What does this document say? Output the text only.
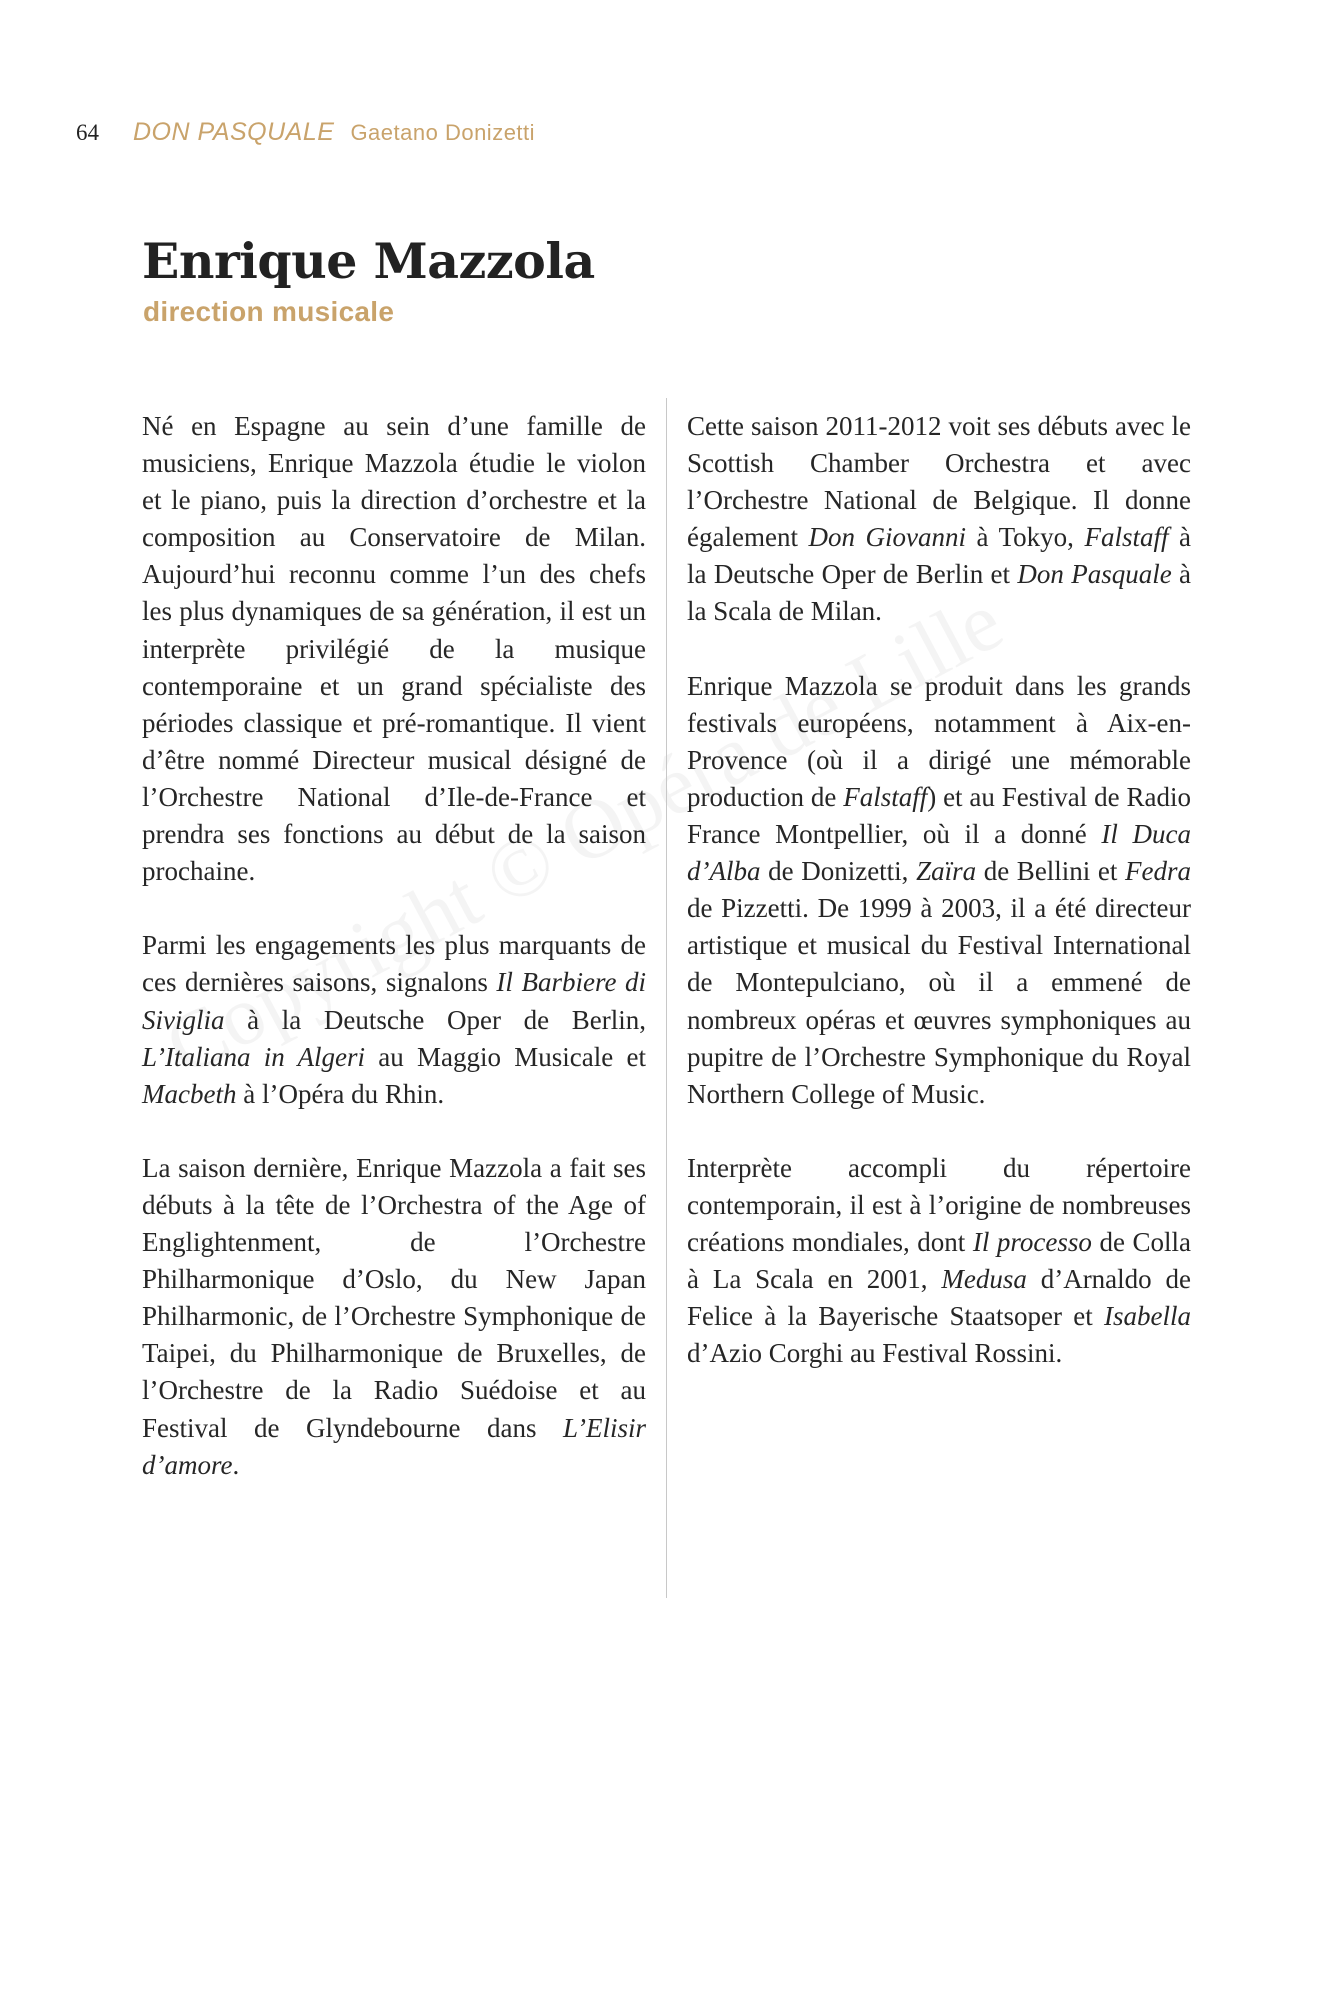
64 DON PASQUALE Gaetano Donizetti
Enrique Mazzola
direction musicale

Né en Espagne au sein d’une famille de musiciens, Enrique Mazzola étudie le violon et le piano, puis la direction d’orchestre et la composition au Conservatoire de Milan. Aujourd’hui reconnu comme l’un des chefs les plus dynamiques de sa génération, il est un interprète privilégié de la musique contemporaine et un grand spécialiste des périodes classique et pré-romantique. Il vient d’être nommé Directeur musical désigné de l’Orchestre National d’Ile-de-France et prendra ses fonctions au début de la saison prochaine.

Parmi les engagements les plus marquants de ces dernières saisons, signalons Il Barbiere di Siviglia à la Deutsche Oper de Berlin, L’Italiana in Algeri au Maggio Musicale et Macbeth à l’Opéra du Rhin.

La saison dernière, Enrique Mazzola a fait ses débuts à la tête de l’Orchestra of the Age of Englightenment, de l’Orchestre Philharmonique d’Oslo, du New Japan Philharmonic, de l’Orchestre Symphonique de Taipei, du Philharmonique de Bruxelles, de l’Orchestre de la Radio Suédoise et au Festival de Glyndebourne dans L’Elisir d’amore.

Cette saison 2011-2012 voit ses débuts avec le Scottish Chamber Orchestra et avec l’Orchestre National de Belgique. Il donne également Don Giovanni à Tokyo, Falstaff à la Deutsche Oper de Berlin et Don Pasquale à la Scala de Milan.

Enrique Mazzola se produit dans les grands festivals européens, notamment à Aix-en-Provence (où il a dirigé une mémorable production de Falstaff) et au Festival de Radio France Montpellier, où il a donné Il Duca d’Alba de Donizetti, Zaïra de Bellini et Fedra de Pizzetti. De 1999 à 2003, il a été directeur artistique et musical du Festival International de Montepulciano, où il a emmené de nombreux opéras et œuvres symphoniques au pupitre de l’Orchestre Symphonique du Royal Northern College of Music.

Interprète accompli du répertoire contemporain, il est à l’origine de nombreuses créations mondiales, dont Il processo de Colla à La Scala en 2001, Medusa d’Arnaldo de Felice à la Bayerische Staatsoper et Isabella d’Azio Corghi au Festival Rossini.
